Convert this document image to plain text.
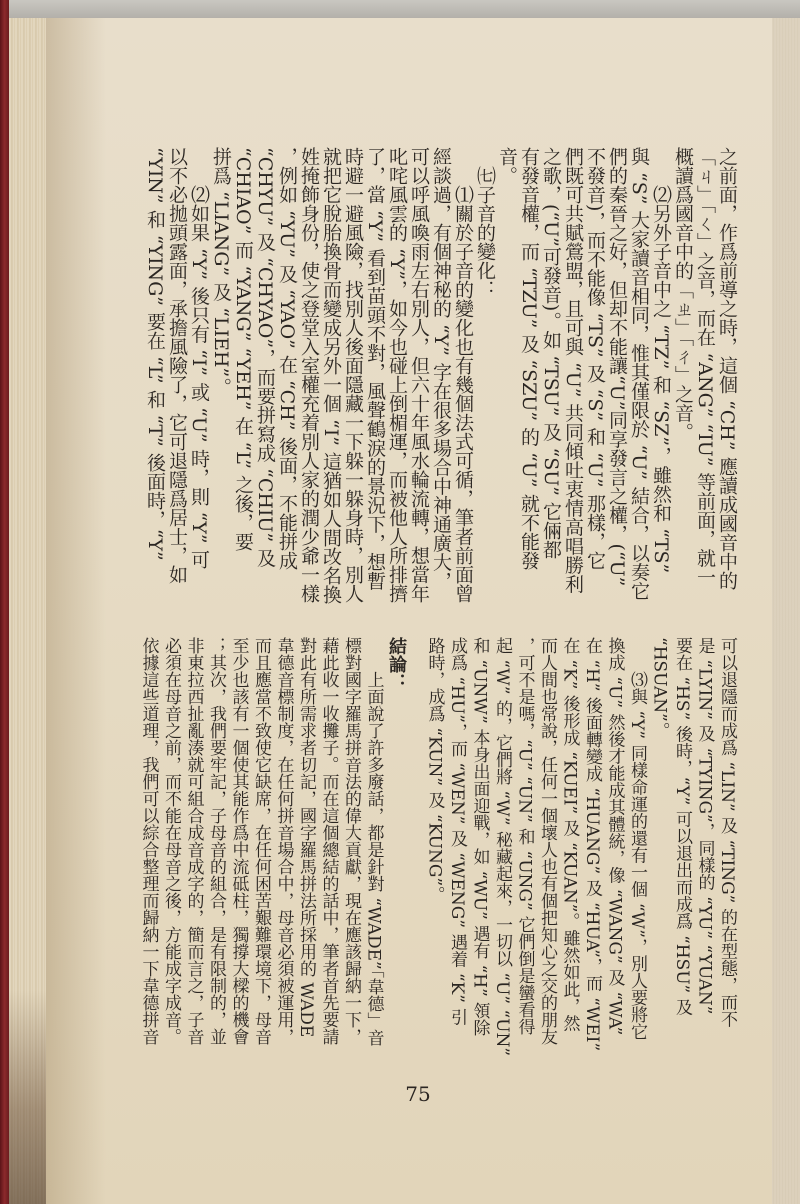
之前面，作爲前導之時，這個 “CH” 應讀成國音中的
「ㄐ」「ㄑ」之音，而在 “ANG” “IU” 等前面，就一
概讀爲國音中的「ㄓ」「ㄔ」之音。
⑵另外子音中之 “TZ” 和 “SZ”，雖然和 “TS”
與 “S” 大家讀音相同，惟其僅限於 “U” 結合，以奏它
們的秦晉之好，但却不能讓“U”同享發言之權，(“U”
不發音)，而不能像 “TS” 及 “S” 和 “U” 那樣，它
們既可共賦鶯盟，且可與 “U” 共同傾吐衷情高唱勝利
之歌，(“U”可發音)。如 “TSU” 及 “SU” 它倆都
有發音權，而 “TZU” 及 “SZU” 的 “U” 就不能發
音。
㈦子音的變化：
⑴關於子音的變化也有幾個法式可循，筆者前面曾
經談過，有個神秘的 “Y” 字在很多場合中神通廣大，
可以呼風喚雨左右別人，但六十年風水輪流轉，想當年
叱咤風雲的 “Y”，如今也碰上倒楣運，而被他人所排擠
了，當 “Y” 看到苗頭不對，風聲鶴淚的景況下，想暫
時避一避風險，找別人後面隱藏一下躲一躲身時，別人
就把它脫胎換骨而變成另外一個 “I” 這猶如人間改名換
姓掩飾身份，使之登堂入室權充着別人家的潤少爺一樣
，例如 “YU” 及 “YAO” 在 “CH” 後面，不能拼成
“CHYU” 及 “CHYAO”，而要拼寫成 “CHIU” 及
“CHIAO” 而 “YANG” “YEH” 在 “L” 之後，要
拼爲 “LIANG” 及 “LIEH”。
⑵如果 “Y” 後只有 “I” 或 “U” 時，則 “Y” 可
以不必拋頭露面，承擔風險了，它可退隱爲居士，如
“YIN” 和 “YING” 要在 “L” 和 “T” 後面時，“Y”
可以退隱而成爲 “LIN” 及 “TING” 的在型態，而不
是 “LYIN” 及 “TYING”，同樣的 “YU” “YUAN”
要在 “HS” 後時，“Y” 可以退出而成爲 “HSU” 及
“HSUAN”。
⑶與 “Y” 同樣命運的還有一個 “W”，別人要將它
換成 “U” 然後才能成其體統，像 “WANG” 及 “WA”
在 “H” 後面轉變成 “HUANG” 及 “HUA”，而 “WEI”
在 “K” 後形成 “KUEI” 及 “KUAN”。雖然如此，然
而人間也常說，任何一個壞人也有個把知心之交的朋友
，可不是嗎，“U” “UN” 和 “UNG” 它們倒是蠻看得
起 “W” 的，它們將 “W” 秘藏起來，一切以 “U” “UN”
和 “UNW” 本身出面迎戰，如 “WU” 遇有 “H” 領除
成爲 “HU”，而 “WEN” 及 “WENG” 遇着 “K” 引
路時，成爲 “KUN” 及 “KUNG”。
結論：
上面說了許多廢話，都是針對 “WADE”「韋德」音
標對國字羅馬拼音法的偉大貢獻，現在應該歸納一下，
藉此收一收攤子。而在這個總結的話中，筆者首先要請
對此有所需求者切記，國字羅馬拼法所採用的 WADE
韋德音標制度，在任何拼音場合中，母音必須被運用，
而且應當不致使它缺席，在任何困苦艱難環境下，母音
至少也該有一個使其能作爲中流砥柱，獨撐大樑的機會
；其次，我們要牢記，子母音的組合，是有限制的，並
非東拉西扯亂湊就可組合成音成字的，簡而言之，子音
必須在母音之前，而不能在母音之後，方能成字成音。
依據這些道理，我們可以綜合整理而歸納一下韋德拼音
75
